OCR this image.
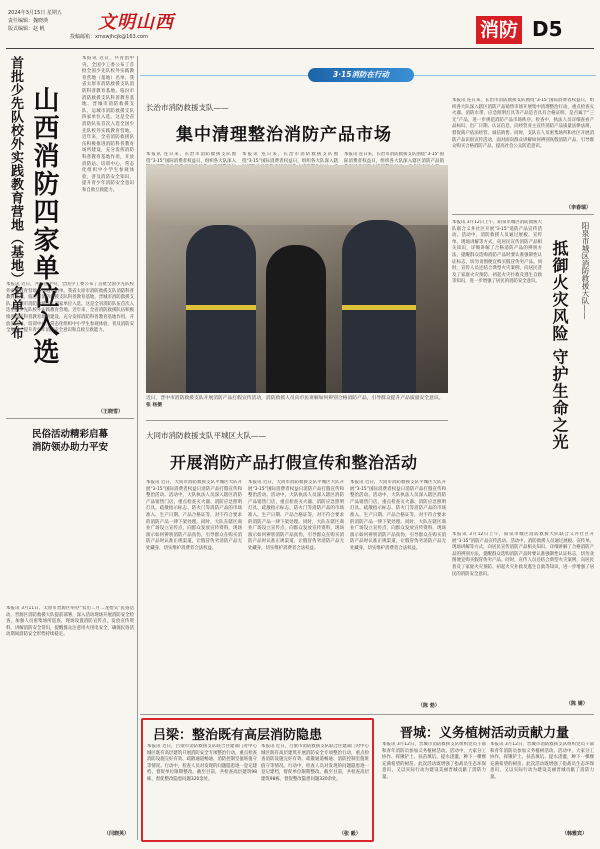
2024年3月15日 星期五
责任编辑：魏晓瑛
版式编辑：赵 帆
投稿邮箱：xmswjhcjk@163.com
文明山西	消防 D5
首批少先队校外实践教育营地（基地）名单公布 山西消防四家单位入选
本报讯 近日，共青团中央、全国少工委公布了首批全国少先队校外实践教育营地（基地）名单，我省太原市消防救援支队消防科普教育基地、临汾市消防救援支队科普教育基地、晋城市消防救援支队、运城市消防救援支队四家单位入选。这是全省消防队伍首次入选全国少先队校外实践教育营地。近年来，全省消防救援队伍积极推进消防科普教育场所建设，充分发挥消防科普教育基地作用，开放消防站、培训中心，常态化组织中小学生参观体验，普及消防安全知识，提升青少年消防安全意识和自救互救能力。
本报讯 近日，共青团中央、全国少工委公布了首批全国少先队校外实践教育营地（基地）名单，我省太原市消防救援支队消防科普教育基地、临汾市消防救援支队科普教育基地、晋城市消防救援支队、运城市消防救援支队四家单位入选。这是全省消防队伍首次入选全国少先队校外实践教育营地。近年来，全省消防救援队伍积极推进消防科普教育场所建设，充分发挥消防科普教育基地作用，开放消防站、培训中心，常态化组织中小学生参观体验，普及消防安全知识，提升青少年消防安全意识和自救互救能力。
（王晓雪）
民俗活动精彩启幕
消防领办助力平安
本报讯 3月11日，太原市晋源区举办“农历二月二龙抬头”民俗活动，晋源区消防救援大队提前部署，深入活动现场开展消防安全检查，加强人员密集场所巡查，现场设置消防宣传点，发放宣传资料，讲解消防安全常识，提醒群众注意用火用电安全，确保民俗活动期间消防安全形势持续稳定。
（闫晓英）
3·15消防在行动
长治市消防救援支队——
集中清理整治消防产品市场
本报讯 连日来，长治市消防救援支队围绕“3·15”国际消费者权益日，组织各大队深入
本报讯 连日来，长治市消防救援支队围绕“3·15”国际消费者权益日，组织各大队深入辖
本报讯 连日来，长治市消防救援支队围绕“3·15”国际消费者权益日，组织各大队深入辖区消防产品销
本报讯 连日来，长治市消防救援支队围绕“3·15”国际消费者权益日，组织各大队深入辖区消防产品销售市场开展集中清理整治行动，重点检查灭火器、消防水带、应急照明灯具等产品是否具有合格证明、是否属于“三无”产品，进一步规范消防产品市场秩序。检查中，执法人员详细查看产品标识、出厂日期、认证信息，向经营业主宣传消防产品质量法律法规，督促商户依法经营、诚信销售。同时，支队在人员密集场所和社区开展消防产品识别宣传活动，面对面向群众讲解如何辨别真假消防产品，引导群众购买合格消防产品，提高社会公众防范意识。
（李春瑞）
近日，晋中市消防救援支队开展消防产品打假宣传活动，消防救援人员向市民讲解如何辨别合格消防产品，引导群众提升产品质量安全意识。 张 杨摄
阳泉市城区消防救援大队——
抵御火灾风险 守护生命之光
本报讯 3月12日上午，阳泉市城区消防救援大队联合义井社区开展“3·15”消防产品宣传活动。活动中，消防救援人员通过展板、宣传单、现场讲解等方式，向居民宣传消防产品相关知识，详细讲解了合格消防产品的辨别方法，提醒群众选购消防产品时要认准强制性认证标志，切勿贪图便宜购买假冒伪劣产品。同时，宣传人员还结合典型火灾案例，向居民普及了家庭火灾预防、初起火灾扑救及逃生自救等知识，进一步增强了居民的消防安全意识。
本报讯 3月12日上午，阳泉市城区消防救援大队联合义井社区开展“3·15”消防产品宣传活动。活动中，消防救援人员通过展板、宣传单、现场讲解等方式，向居民宣传消防产品相关知识，详细讲解了合格消防产品的辨别方法，提醒群众选购消防产品时要认准强制性认证标志，切勿贪图便宜购买假冒伪劣产品。同时，宣传人员还结合典型火灾案例，向居民普及了家庭火灾预防、初起火灾扑救及逃生自救等知识，进一步增强了居民的消防安全意识。
（陈 婧）
大同市消防救援支队平城区大队——
开展消防产品打假宣传和整治活动
本报讯 近日，大同市消防救援支队平城区大队开展“3·15”国际消费者权益日消防产品打假宣传和整治活动。活动中，大队执法人员深入辖区消防产品销售门店，重点检查灭火器、消防应急照明灯具、疏散指示标志、防火门等消防产品的市场准入、生产日期、产品合格证等，对不符合要求的消防产品一律下架处理。同时，大队在辖区商业广场设立宣传点，向群众发放宣传资料，现场演示如何辨别消防产品真伪，引导群众在购买消防产品时认准正规渠道，让假冒伪劣消防产品无处藏身，切实维护消费者合法权益。
本报讯 近日，大同市消防救援支队平城区大队开展“3·15”国际消费者权益日消防产品打假宣传和整治活动。活动中，大队执法人员深入辖区消防产品销售门店，重点检查灭火器、消防应急照明灯具、疏散指示标志、防火门等消防产品的市场准入、生产日期、产品合格证等，对不符合要求的消防产品一律下架处理。同时，大队在辖区商业广场设立宣传点，向群众发放宣传资料，现场演示如何辨别消防产品真伪，引导群众在购买消防产品时认准正规渠道，让假冒伪劣消防产品无处藏身，切实维护消费者合法权益。
本报讯 近日，大同市消防救援支队平城区大队开展“3·15”国际消费者权益日消防产品打假宣传和整治活动。活动中，大队执法人员深入辖区消防产品销售门店，重点检查灭火器、消防应急照明灯具、疏散指示标志、防火门等消防产品的市场准入、生产日期、产品合格证等，对不符合要求的消防产品一律下架处理。同时，大队在辖区商业广场设立宣传点，向群众发放宣传资料，现场演示如何辨别消防产品真伪，引导群众在购买消防产品时认准正规渠道，让假冒伪劣消防产品无处藏身，切实维护消费者合法权益。
（陈 勃）
吕梁：整治既有高层消防隐患
本报讯 近日，吕梁市消防救援支队联合住建部门对中心城区既有高层建筑开展消防安全专项整治行动，重点检查消防设施完好有效、疏散通道畅通、消防控制室值班值守等情况。行动中，检查人员对发现的问题隐患逐一登记建档，督促单位限期整改。截至目前，共检查高层建筑98栋，督促整改隐患问题320余处。
本报讯 近日，吕梁市消防救援支队联合住建部门对中心城区既有高层建筑开展消防安全专项整治行动，重点检查消防设施完好有效、疏散通道畅通、消防控制室值班值守等情况。行动中，检查人员对发现的问题隐患逐一登记建档，督促单位限期整改。截至目前，共检查高层建筑98栋，督促整改隐患问题320余处。
（张 毅）
晋城：义务植树活动贡献力量
本报讯 3月12日，晋城市消防救援支队组织党员干部和青年消防员参加义务植树活动。活动中，大家分工协作、挥锹铲土、扶苗填坑、提水浇灌，种下一棵棵充满希望的树苗。此次活动既增强了指战员生态环保意识，又以实际行动为建设美丽晋城贡献了消防力量。
本报讯 3月12日，晋城市消防救援支队组织党员干部和青年消防员参加义务植树活动。活动中，大家分工协作、挥锹铲土、扶苗填坑、提水浇灌，种下一棵棵充满希望的树苗。此次活动既增强了指战员生态环保意识，又以实际行动为建设美丽晋城贡献了消防力量。
（韩雅宾）
